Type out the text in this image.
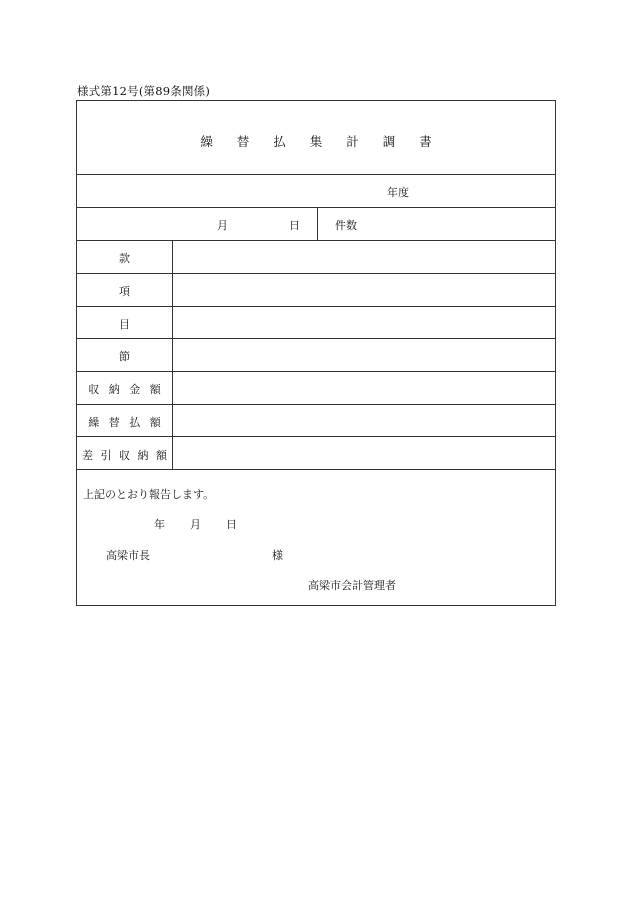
様式第12号(第89条関係)
繰 替 払 集 計 調 書
年度
月	日	件数
款
項
目
節
収 納 金 額
繰 替 払 額
差 引 収 納 額
上記のとおり報告します。
年 月 日
高梁市長	様
高梁市会計管理者
